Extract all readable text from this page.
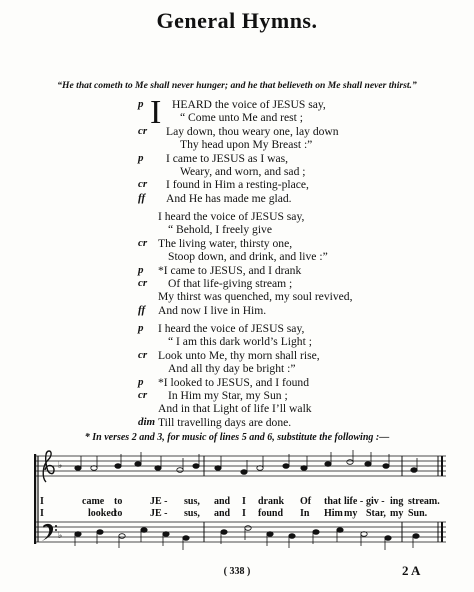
General Hymns.
“He that cometh to Me shall never hunger; and he that believeth on Me shall never thirst.”
I
p HEARD the voice of JESUS say,
“ Come unto Me and rest ;
cr Lay down, thou weary one, lay down
Thy head upon My Breast :”
p I came to JESUS as I was,
Weary, and worn, and sad ;
cr I found in Him a resting-place,
ff And He has made me glad.
I heard the voice of JESUS say,
“ Behold, I freely give
cr The living water, thirsty one,
Stoop down, and drink, and live :”
p *I came to JESUS, and I drank
cr Of that life-giving stream ;
My thirst was quenched, my soul revived,
ff And now I live in Him.
p I heard the voice of JESUS say,
“ I am this dark world’s Light ;
cr Look unto Me, thy morn shall rise,
And all thy day be bright :”
p *I looked to JESUS, and I found
cr In Him my Star, my Sun ;
And in that Light of life I’ll walk
dim Till travelling days are done.
* In verses 2 and 3, for music of lines 5 and 6, substitute the following :—
♭
♭
I	came to	JE - sus, and I drank Of that life - giv - ing stream.
I	looked
to	JE - sus, and I found In Him my Star, my Sun.
( 338 )	2 A
